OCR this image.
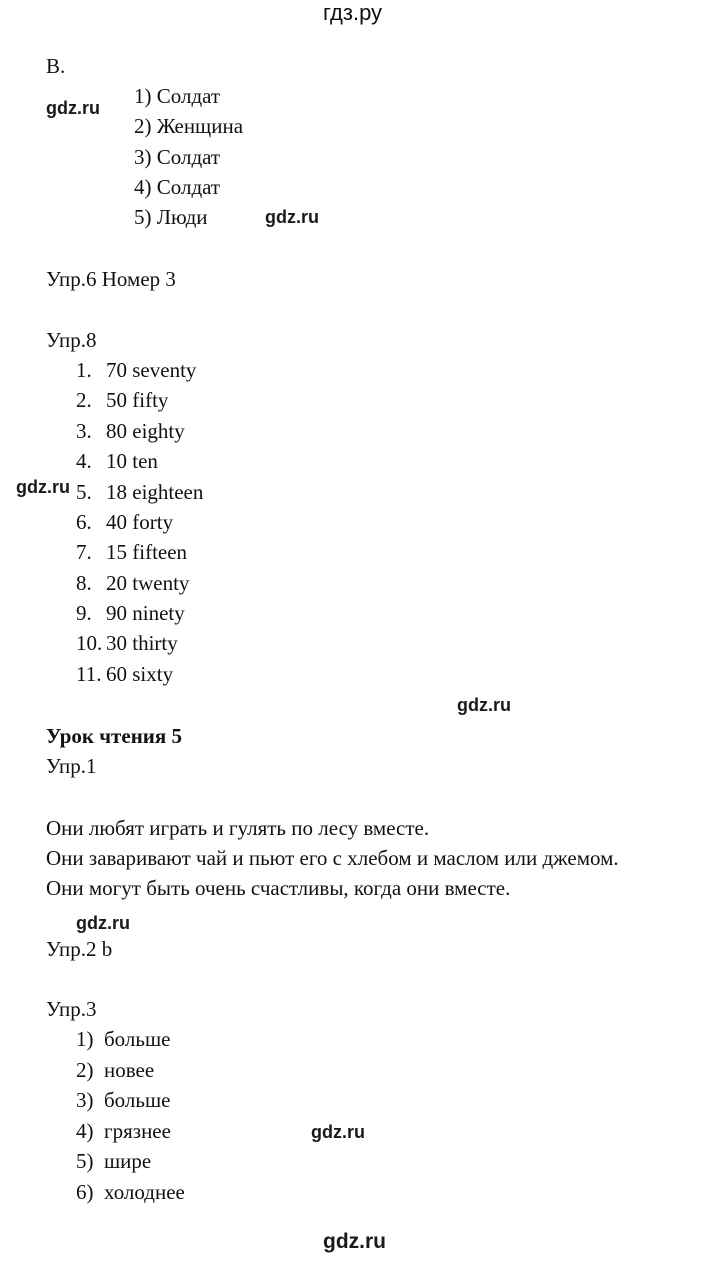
гдз.ру
B.
gdz.ru 1) Солдат
2) Женщина
3) Солдат
4) Солдат
5) Люди	gdz.ru
Упр.6 Номер 3
Упр.8
1. 70 seventy
2. 50 fifty
3. 80 eighty
4. 10 ten
gdz.ru 5. 18 eighteen
6. 40 forty
7. 15 fifteen
8. 20 twenty
9. 90 ninety
10. 30 thirty
11. 60 sixty
gdz.ru
Урок чтения 5
Упр.1
Они любят играть и гулять по лесу вместе.
Они заваривают чай и пьют его с хлебом и маслом или джемом.
Они могут быть очень счастливы, когда они вместе.
gdz.ru
Упр.2 b
Упр.3
1) больше
2) новее
3) больше
4) грязнее	gdz.ru
5) шире
6) холоднее
gdz.ru
